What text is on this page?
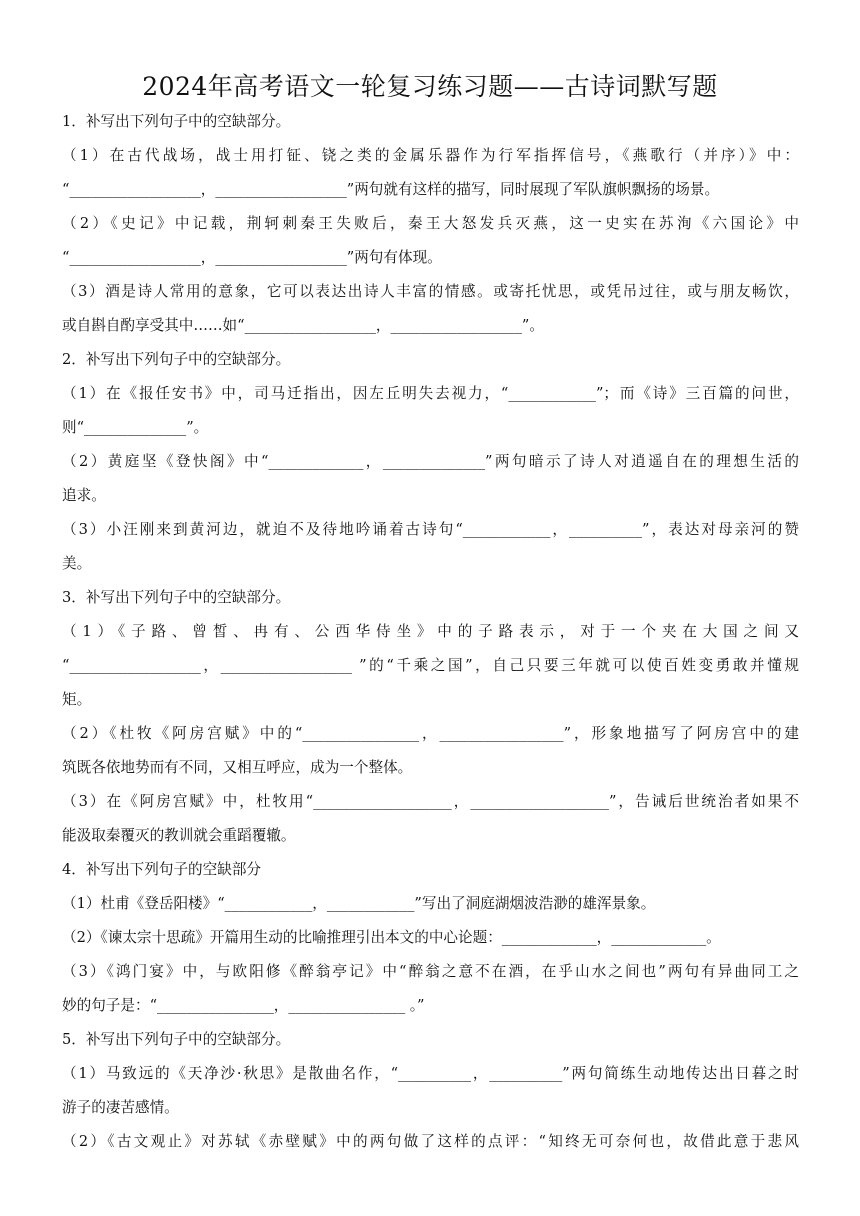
2024年高考语文一轮复习练习题——古诗词默写题
1．补写出下列句子中的空缺部分。
（1）在古代战场，战士用打钲、铙之类的金属乐器作为行军指挥信号，《燕歌行（并序）》中：
“__________________，__________________”两句就有这样的描写，同时展现了军队旗帜飘扬的场景。
（2）《史记》中记载，荆轲刺秦王失败后，秦王大怒发兵灭燕，这一史实在苏洵《六国论》中
“__________________，__________________”两句有体现。
（3）酒是诗人常用的意象，它可以表达出诗人丰富的情感。或寄托忧思，或凭吊过往，或与朋友畅饮，
或自斟自酌享受其中……如“__________________，__________________”。
2．补写出下列句子中的空缺部分。
（1）在《报任安书》中，司马迁指出，因左丘明失去视力，“____________”；而《诗》三百篇的问世，
则“______________”。
（2）黄庭坚《登快阁》中“_____________，______________”两句暗示了诗人对逍遥自在的理想生活的
追求。
（3）小汪刚来到黄河边，就迫不及待地吟诵着古诗句“____________，__________”，表达对母亲河的赞
美。
3．补写出下列句子中的空缺部分。
（1）《子路、曾皙、冉有、公西华侍坐》中的子路表示，对于一个夹在大国之间又
“__________________，__________________ ”的“千乘之国”，自己只要三年就可以使百姓变勇敢并懂规
矩。
（2）《杜牧《阿房宫赋》中的“________________，_________________”，形象地描写了阿房宫中的建
筑既各依地势而有不同，又相互呼应，成为一个整体。
（3）在《阿房宫赋》中，杜牧用“___________________，___________________”，告诫后世统治者如果不
能汲取秦覆灭的教训就会重蹈覆辙。
4．补写出下列句子的空缺部分
（1）杜甫《登岳阳楼》“____________，____________”写出了洞庭湖烟波浩渺的雄浑景象。
（2）《谏太宗十思疏》开篇用生动的比喻推理引出本文的中心论题：_____________，_____________。
（3）《鸿门宴》中，与欧阳修《醉翁亭记》中“醉翁之意不在酒，在乎山水之间也”两句有异曲同工之
妙的句子是：“________________，________________ 。”
5．补写出下列句子中的空缺部分。
（1）马致远的《天净沙·秋思》是散曲名作，“__________，__________”两句简练生动地传达出日暮之时
游子的凄苦感情。
（2）《古文观止》对苏轼《赤壁赋》中的两句做了这样的点评：“知终无可奈何也，故借此意于悲风
